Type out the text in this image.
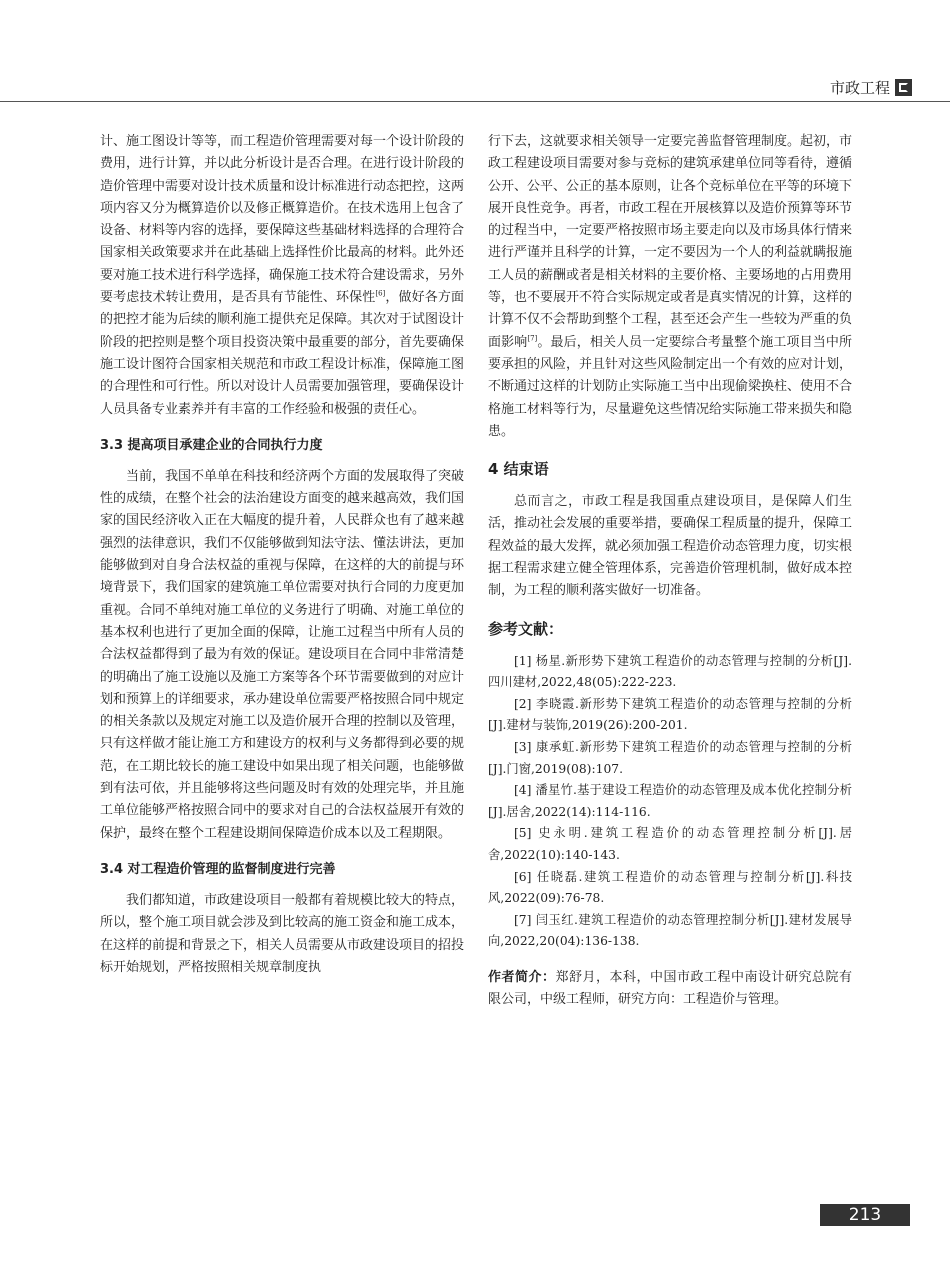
市政工程

计、施工图设计等等，而工程造价管理需要对每一个设计阶段的费用，进行计算，并以此分析设计是否合理。在进行设计阶段的造价管理中需要对设计技术质量和设计标准进行动态把控，这两项内容又分为概算造价以及修正概算造价。在技术选用上包含了设备、材料等内容的选择，要保障这些基础材料选择的合理符合国家相关政策要求并在此基础上选择性价比最高的材料。此外还要对施工技术进行科学选择，确保施工技术符合建设需求，另外要考虑技术转让费用，是否具有节能性、环保性[6]，做好各方面的把控才能为后续的顺利施工提供充足保障。其次对于试图设计阶段的把控则是整个项目投资决策中最重要的部分，首先要确保施工设计图符合国家相关规范和市政工程设计标准，保障施工图的合理性和可行性。所以对设计人员需要加强管理，要确保设计人员具备专业素养并有丰富的工作经验和极强的责任心。

3.3 提高项目承建企业的合同执行力度

当前，我国不单单在科技和经济两个方面的发展取得了突破性的成绩，在整个社会的法治建设方面变的越来越高效，我们国家的国民经济收入正在大幅度的提升着，人民群众也有了越来越强烈的法律意识，我们不仅能够做到知法守法、懂法讲法，更加能够做到对自身合法权益的重视与保障，在这样的大的前提与环境背景下，我们国家的建筑施工单位需要对执行合同的力度更加重视。合同不单纯对施工单位的义务进行了明确、对施工单位的基本权利也进行了更加全面的保障，让施工过程当中所有人员的合法权益都得到了最为有效的保证。建设项目在合同中非常清楚的明确出了施工设施以及施工方案等各个环节需要做到的对应计划和预算上的详细要求，承办建设单位需要严格按照合同中规定的相关条款以及规定对施工以及造价展开合理的控制以及管理，只有这样做才能让施工方和建设方的权利与义务都得到必要的规范，在工期比较长的施工建设中如果出现了相关问题，也能够做到有法可依，并且能够将这些问题及时有效的处理完毕，并且施工单位能够严格按照合同中的要求对自己的合法权益展开有效的保护，最终在整个工程建设期间保障造价成本以及工程期限。

3.4 对工程造价管理的监督制度进行完善

我们都知道，市政建设项目一般都有着规模比较大的特点，所以，整个施工项目就会涉及到比较高的施工资金和施工成本，在这样的前提和背景之下，相关人员需要从市政建设项目的招投标开始规划，严格按照相关规章制度执

行下去，这就要求相关领导一定要完善监督管理制度。起初，市政工程建设项目需要对参与竞标的建筑承建单位同等看待，遵循公开、公平、公正的基本原则，让各个竞标单位在平等的环境下展开良性竞争。再者，市政工程在开展核算以及造价预算等环节的过程当中，一定要严格按照市场主要走向以及市场具体行情来进行严谨并且科学的计算，一定不要因为一个人的利益就瞒报施工人员的薪酬或者是相关材料的主要价格、主要场地的占用费用等，也不要展开不符合实际规定或者是真实情况的计算，这样的计算不仅不会帮助到整个工程，甚至还会产生一些较为严重的负面影响[7]。最后，相关人员一定要综合考量整个施工项目当中所要承担的风险，并且针对这些风险制定出一个有效的应对计划，不断通过这样的计划防止实际施工当中出现偷梁换柱、使用不合格施工材料等行为，尽量避免这些情况给实际施工带来损失和隐患。

4 结束语

总而言之，市政工程是我国重点建设项目，是保障人们生活，推动社会发展的重要举措，要确保工程质量的提升，保障工程效益的最大发挥，就必须加强工程造价动态管理力度，切实根据工程需求建立健全管理体系，完善造价管理机制，做好成本控制，为工程的顺利落实做好一切准备。

参考文献：

[1] 杨星.新形势下建筑工程造价的动态管理与控制的分析[J].四川建材,2022,48(05):222-223.

[2] 李晓霞.新形势下建筑工程造价的动态管理与控制的分析[J].建材与装饰,2019(26):200-201.

[3] 康承虹.新形势下建筑工程造价的动态管理与控制的分析[J].门窗,2019(08):107.

[4] 潘星竹.基于建设工程造价的动态管理及成本优化控制分析[J].居舍,2022(14):114-116.

[5] 史永明.建筑工程造价的动态管理控制分析[J].居舍,2022(10):140-143.

[6] 任晓磊.建筑工程造价的动态管理与控制分析[J].科技风,2022(09):76-78.

[7] 闫玉红.建筑工程造价的动态管理控制分析[J].建材发展导向,2022,20(04):136-138.

作者简介：郑舒月，本科，中国市政工程中南设计研究总院有限公司，中级工程师，研究方向：工程造价与管理。

213
